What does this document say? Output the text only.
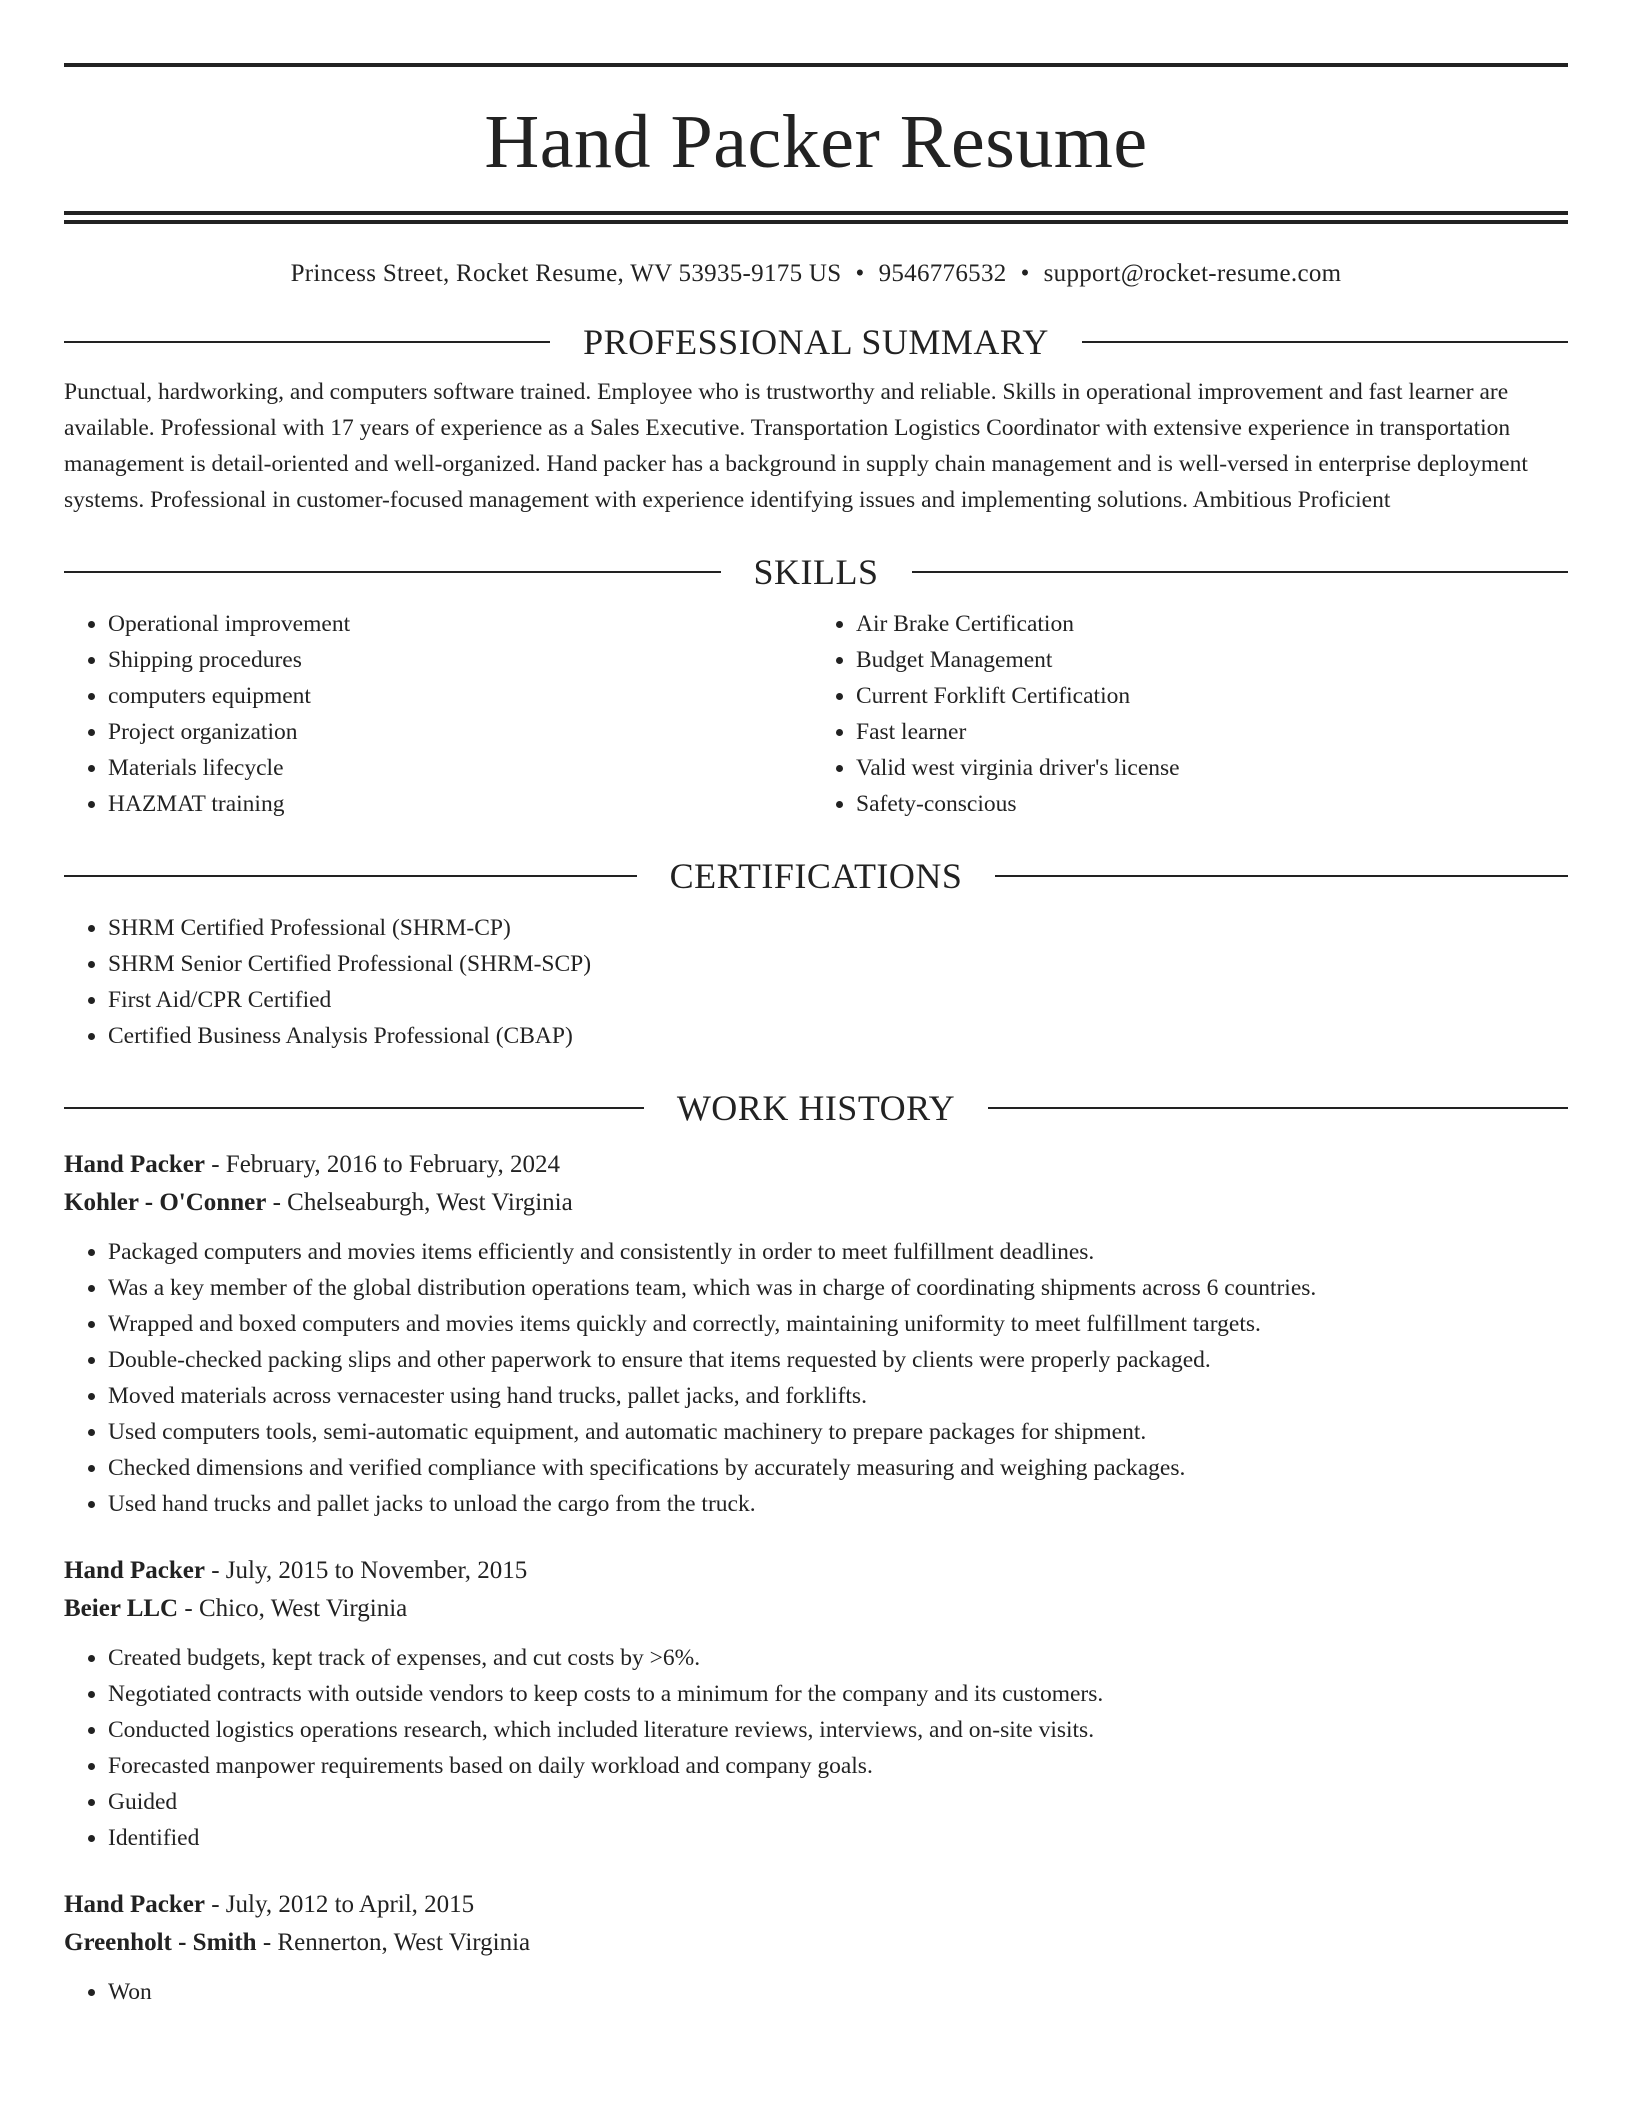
Hand Packer Resume
Princess Street, Rocket Resume, WV 53935-9175 US • 9546776532 • support@rocket-resume.com
PROFESSIONAL SUMMARY

Punctual, hardworking, and computers software trained. Employee who is trustworthy and reliable. Skills in operational improvement and fast learner are available. Professional with 17 years of experience as a Sales Executive. Transportation Logistics Coordinator with extensive experience in transportation management is detail-oriented and well-organized. Hand packer has a background in supply chain management and is well-versed in enterprise deployment systems. Professional in customer-focused management with experience identifying issues and implementing solutions. Ambitious Proficient

SKILLS
• Operational improvement
• Shipping procedures
• computers equipment
• Project organization
• Materials lifecycle
• HAZMAT training
• Air Brake Certification
• Budget Management
• Current Forklift Certification
• Fast learner
• Valid west virginia driver's license
• Safety-conscious
CERTIFICATIONS
• SHRM Certified Professional (SHRM-CP)
• SHRM Senior Certified Professional (SHRM-SCP)
• First Aid/CPR Certified
• Certified Business Analysis Professional (CBAP)
WORK HISTORY
Hand Packer - February, 2016 to February, 2024
Kohler - O'Conner - Chelseaburgh, West Virginia
• Packaged computers and movies items efficiently and consistently in order to meet fulfillment deadlines.
• Was a key member of the global distribution operations team, which was in charge of coordinating shipments across 6 countries.
• Wrapped and boxed computers and movies items quickly and correctly, maintaining uniformity to meet fulfillment targets.
• Double-checked packing slips and other paperwork to ensure that items requested by clients were properly packaged.
• Moved materials across vernacester using hand trucks, pallet jacks, and forklifts.
• Used computers tools, semi-automatic equipment, and automatic machinery to prepare packages for shipment.
• Checked dimensions and verified compliance with specifications by accurately measuring and weighing packages.
• Used hand trucks and pallet jacks to unload the cargo from the truck.
Hand Packer - July, 2015 to November, 2015
Beier LLC - Chico, West Virginia
• Created budgets, kept track of expenses, and cut costs by >6%.
• Negotiated contracts with outside vendors to keep costs to a minimum for the company and its customers.
• Conducted logistics operations research, which included literature reviews, interviews, and on-site visits.
• Forecasted manpower requirements based on daily workload and company goals.
• Guided
• Identified
Hand Packer - July, 2012 to April, 2015
Greenholt - Smith - Rennerton, West Virginia
• Won
